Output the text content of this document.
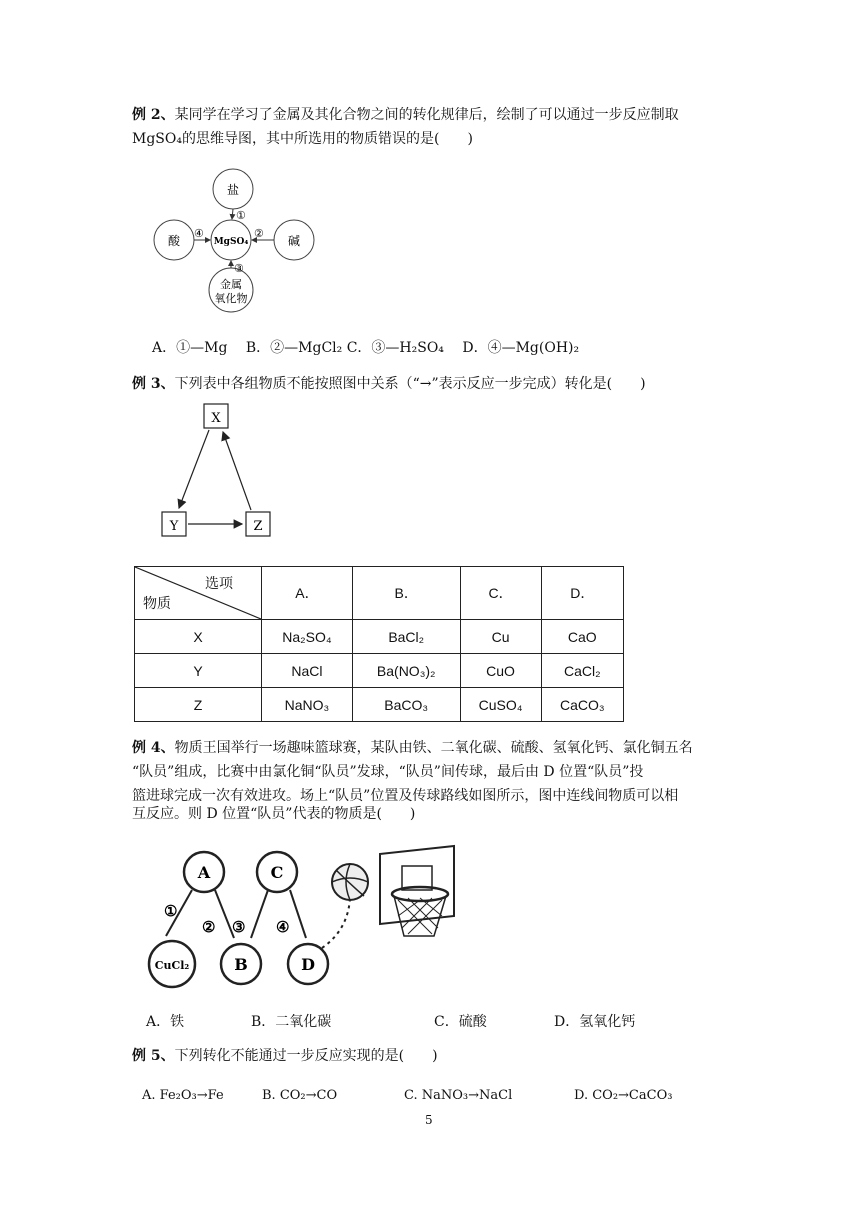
例 2、某同学在学习了金属及其化合物之间的转化规律后，绘制了可以通过一步反应制取
MgSO₄的思维导图，其中所选用的物质错误的是(　　)
盐
酸	MgSO₄	碱
金属
氧化物
①
④	②
③
A．①—Mg　 B．②—MgCl₂ C．③—H₂SO₄　 D．④—Mg(OH)₂
例 3、下列表中各组物质不能按照图中关系（“→”表示反应一步完成）转化是(　　)
X
Y	Z
选项
物质	A．	B．	C．	D．
X	Na₂SO₄	BaCl₂	Cu	CaO
Y	NaCl	Ba(NO₃)₂	CuO	CaCl₂
Z	NaNO₃	BaCO₃	CuSO₄	CaCO₃
例 4、物质王国举行一场趣味篮球赛，某队由铁、二氧化碳、硫酸、氢氧化钙、氯化铜五名
“队员”组成，比赛中由氯化铜“队员”发球，“队员”间传球，最后由 D 位置“队员”投
篮进球完成一次有效进攻。场上“队员”位置及传球路线如图所示，图中连线间物质可以相
互反应。则 D 位置“队员”代表的物质是(　　)
A	C
CuCl₂	B	D
①
② ③ ④
A．铁	B．二氧化碳	C．硫酸	D．氢氧化钙
例 5、下列转化不能通过一步反应实现的是(　　)
A. Fe₂O₃→Fe	B. CO₂→CO	C. NaNO₃→NaCl	D. CO₂→CaCO₃
5
